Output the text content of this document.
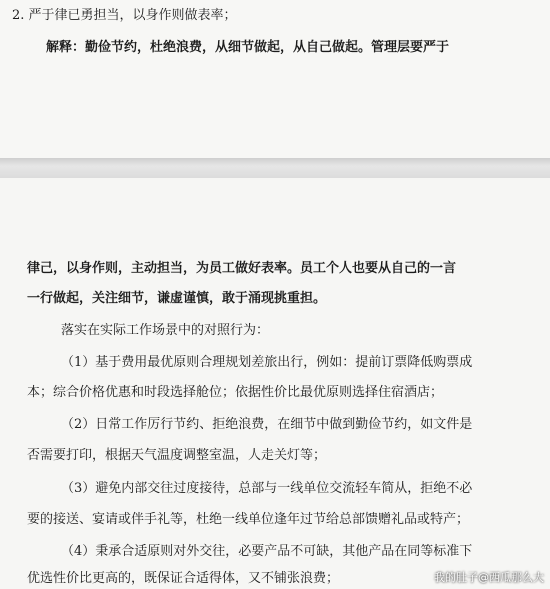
2. 严于律已勇担当，以身作则做表率；
解释：勤俭节约，杜绝浪费，从细节做起，从自己做起。管理层要严于
律己，以身作则，主动担当，为员工做好表率。员工个人也要从自己的一言
一行做起，关注细节，谦虚谨慎，敢于涌现挑重担。
落实在实际工作场景中的对照行为：
（1）基于费用最优原则合理规划差旅出行，例如：提前订票降低购票成
本；综合价格优惠和时段选择舱位；依据性价比最优原则选择住宿酒店；
（2）日常工作厉行节约、拒绝浪费，在细节中做到勤俭节约，如文件是
否需要打印，根据天气温度调整室温，人走关灯等；
（3）避免内部交往过度接待，总部与一线单位交流轻车简从，拒绝不必
要的接送、宴请或伴手礼等，杜绝一线单位逢年过节给总部馈赠礼品或特产；
（4）秉承合适原则对外交往，必要产品不可缺，其他产品在同等标准下
优选性价比更高的，既保证合适得体，又不铺张浪费；	我的肚子@西瓜那么大
